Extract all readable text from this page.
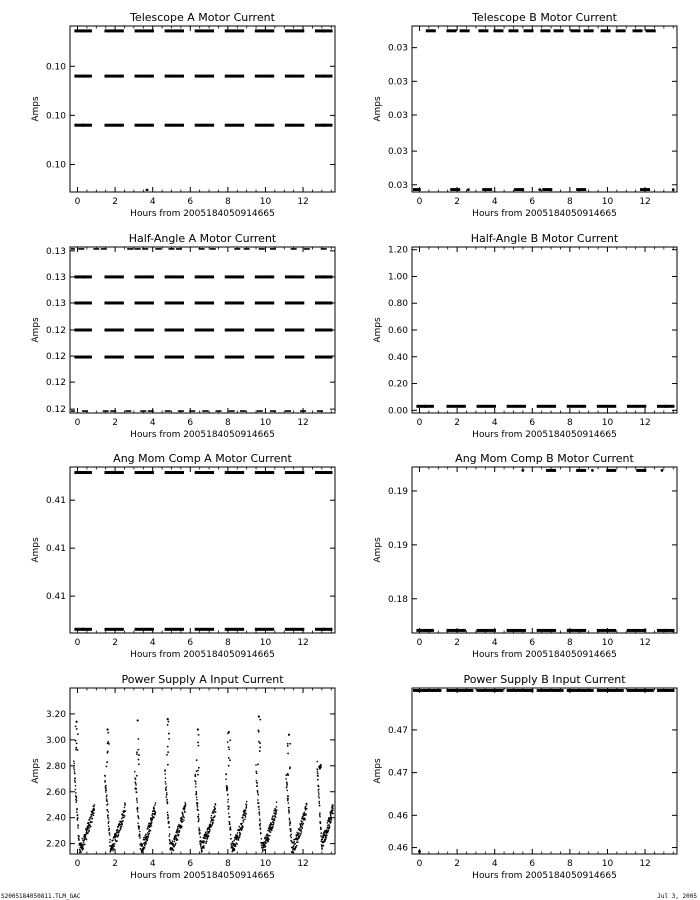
Telescope A Motor Current
0	2	4	6	8	10	12
0.10
0.10
0.10
Hours from 2005184050914665
Amps
Telescope B Motor Current
0	2	4	6	8	10	12
0.03
0.03
0.03
0.03
0.03
Hours from 2005184050914665
Amps
Half-Angle A Motor Current
0	2	4	6	8	10	12
0.12
0.12
0.12
0.12
0.13
0.13
0.13
Hours from 2005184050914665
Amps
Half-Angle B Motor Current
0	2	4	6	8	10	12
0.00
0.20
0.40
0.60
0.80
1.00
1.20
Hours from 2005184050914665
Amps
Ang Mom Comp A Motor Current
0	2	4	6	8	10	12
0.41
0.41
0.41
Hours from 2005184050914665
Amps
Ang Mom Comp B Motor Current
0	2	4	6	8	10	12
0.18
0.19
0.19
Hours from 2005184050914665
Amps
Power Supply A Input Current
0	2	4	6	8	10	12
2.20
2.40
2.60
2.80
3.00
3.20
Hours from 2005184050914665
Amps
Power Supply B Input Current
0	2	4	6	8	10	12
0.46
0.46
0.47
0.47
Hours from 2005184050914665
Amps
S2005184050811.TLM_GAC	Jul 3, 2005
